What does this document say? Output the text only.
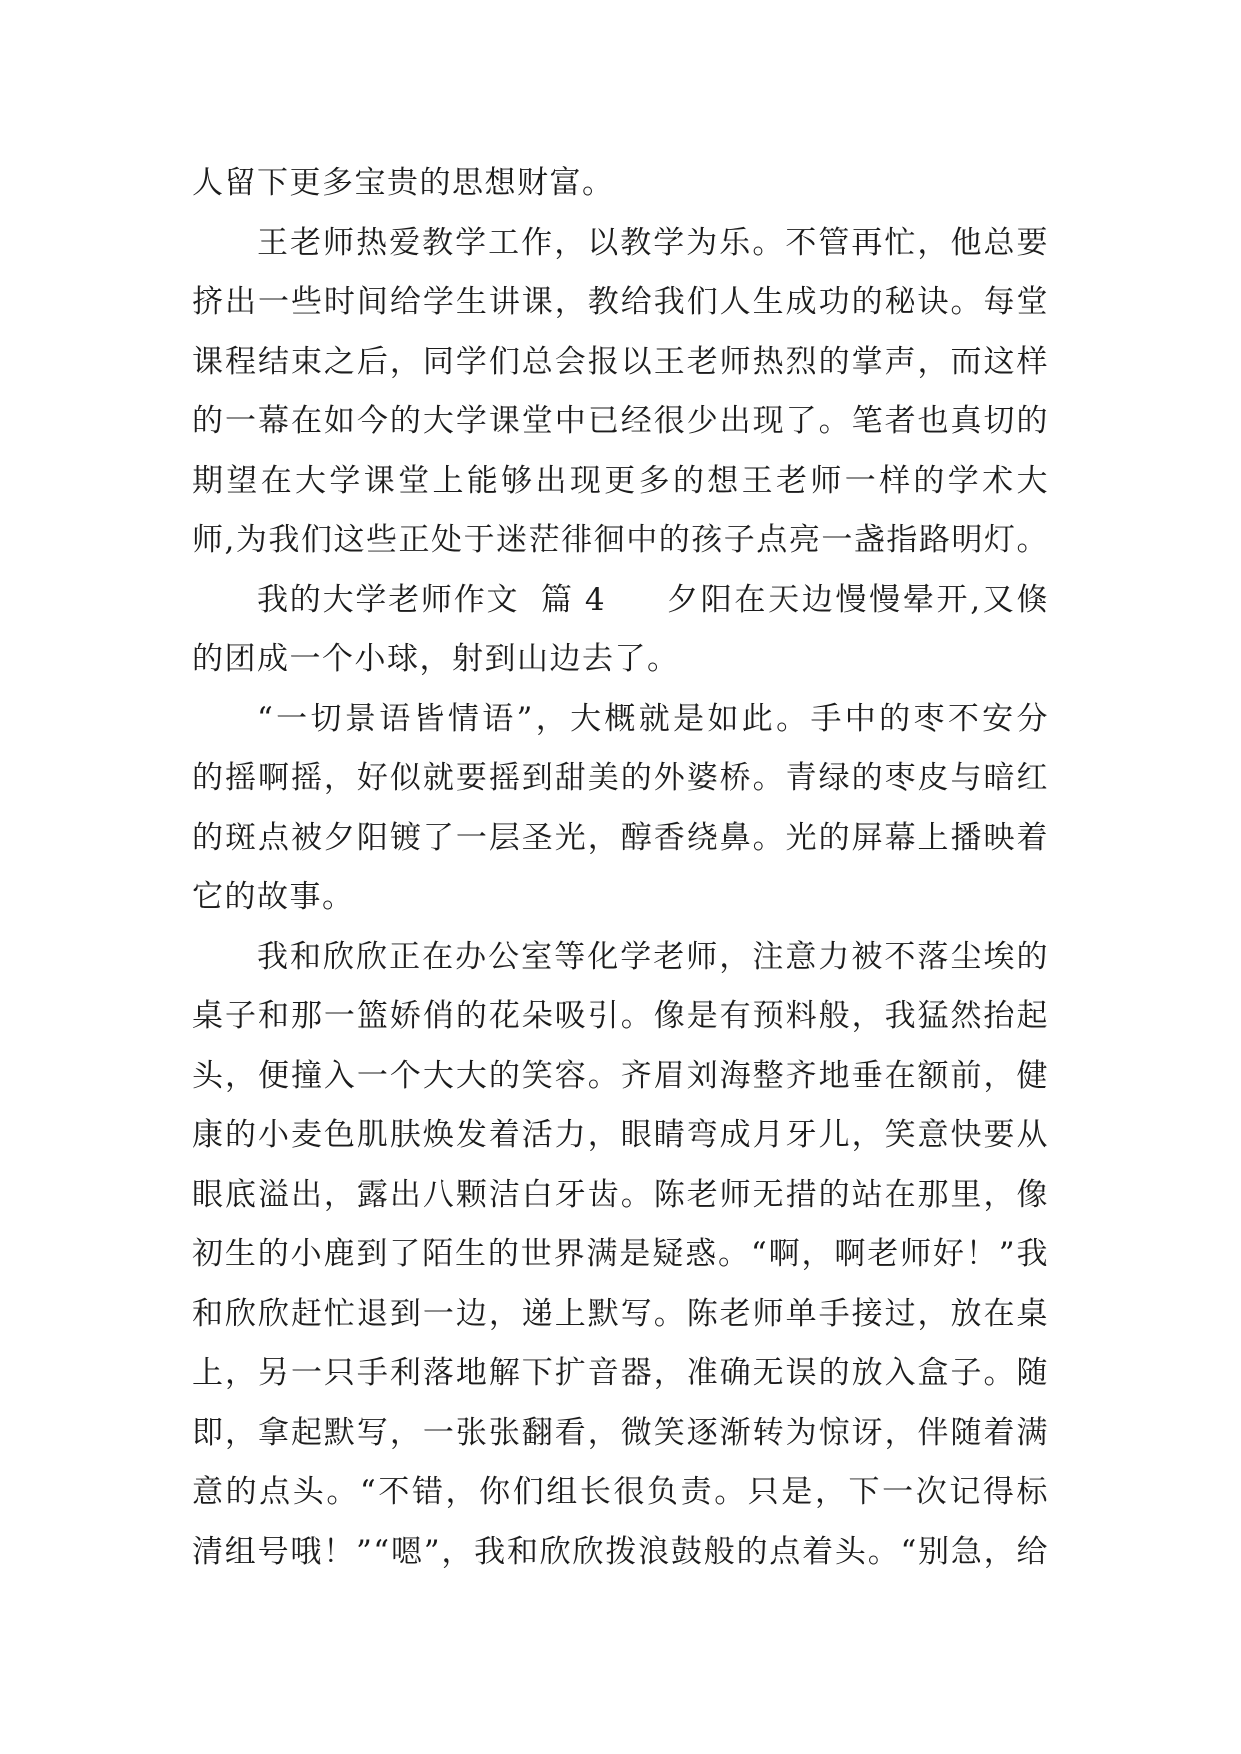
人留下更多宝贵的思想财富。
王老师热爱教学工作，以教学为乐。不管再忙，他总要
挤出一些时间给学生讲课，教给我们人生成功的秘诀。每堂
课程结束之后，同学们总会报以王老师热烈的掌声，而这样
的一幕在如今的大学课堂中已经很少出现了。笔者也真切的
期望在大学课堂上能够出现更多的想王老师一样的学术大
师,为我们这些正处于迷茫徘徊中的孩子点亮一盏指路明灯。
我的大学老师作文 篇 4 夕阳在天边慢慢晕开,又倏
的团成一个小球，射到山边去了。
“一切景语皆情语”，大概就是如此。手中的枣不安分
的摇啊摇，好似就要摇到甜美的外婆桥。青绿的枣皮与暗红
的斑点被夕阳镀了一层圣光，醇香绕鼻。光的屏幕上播映着
它的故事。
我和欣欣正在办公室等化学老师，注意力被不落尘埃的
桌子和那一篮娇俏的花朵吸引。像是有预料般，我猛然抬起
头，便撞入一个大大的笑容。齐眉刘海整齐地垂在额前，健
康的小麦色肌肤焕发着活力，眼睛弯成月牙儿，笑意快要从
眼底溢出，露出八颗洁白牙齿。陈老师无措的站在那里，像
初生的小鹿到了陌生的世界满是疑惑。“啊，啊老师好！”我
和欣欣赶忙退到一边，递上默写。陈老师单手接过，放在桌
上，另一只手利落地解下扩音器，准确无误的放入盒子。随
即，拿起默写，一张张翻看，微笑逐渐转为惊讶，伴随着满
意的点头。“不错，你们组长很负责。只是，下一次记得标
清组号哦！”“嗯”，我和欣欣拨浪鼓般的点着头。“别急，给
